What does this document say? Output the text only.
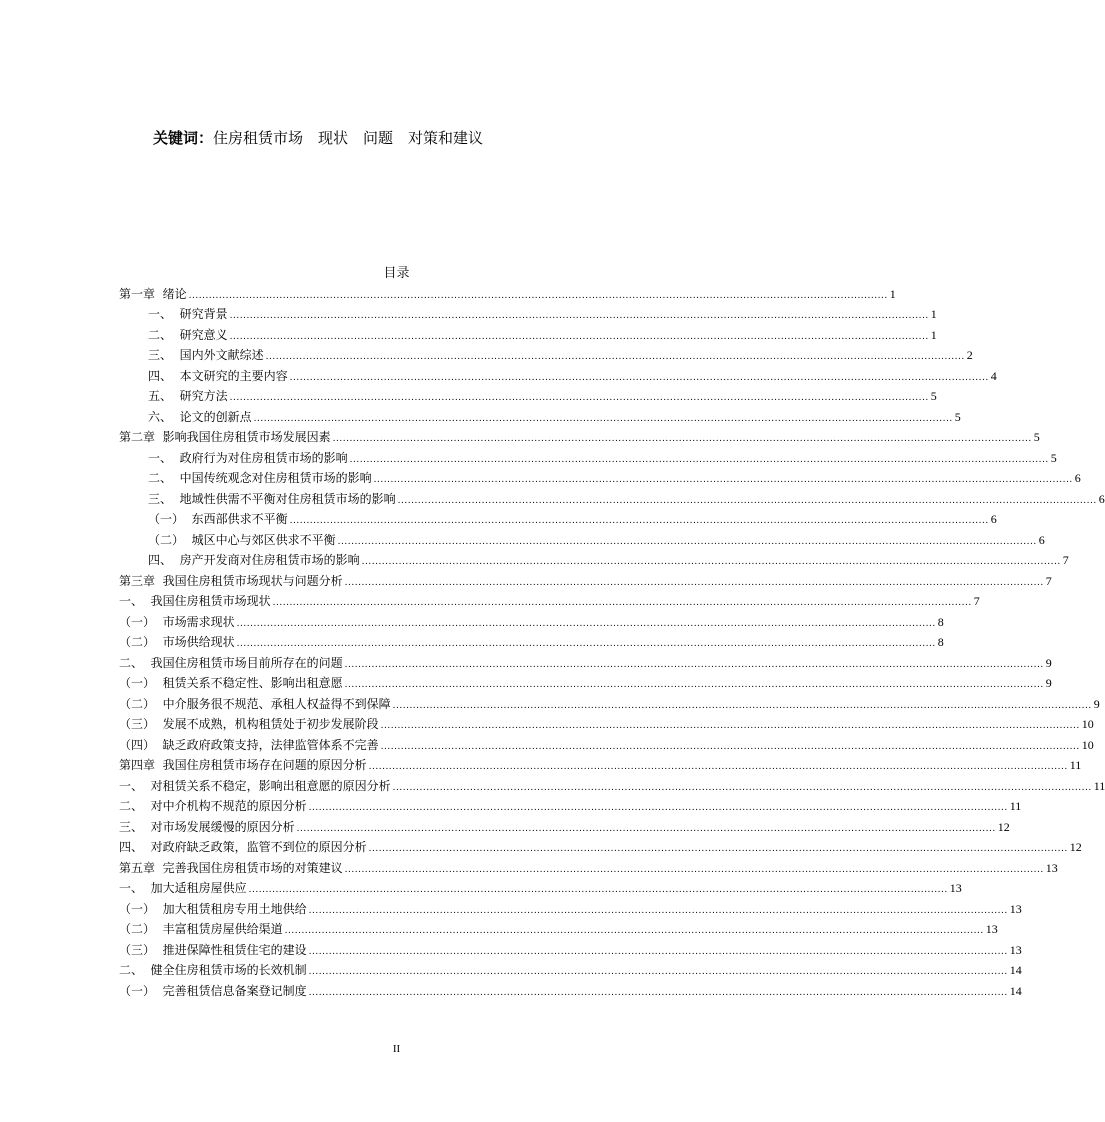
关键词：住房租赁市场　现状　问题　对策和建议
目录
第一章  绪论 ................................................................................................................................................................................................................ 1
一、  研究背景 ................................................................................................................................................................................................................ 1
二、  研究意义 ................................................................................................................................................................................................................ 1
三、  国内外文献综述 ................................................................................................................................................................................................................ 2
四、  本文研究的主要内容 ................................................................................................................................................................................................................ 4
五、  研究方法 ................................................................................................................................................................................................................ 5
六、  论文的创新点 ................................................................................................................................................................................................................ 5
第二章  影响我国住房租赁市场发展因素 ................................................................................................................................................................................................................ 5
一、  政府行为对住房租赁市场的影响 ................................................................................................................................................................................................................ 5
二、  中国传统观念对住房租赁市场的影响 ................................................................................................................................................................................................................ 6
三、  地域性供需不平衡对住房租赁市场的影响 ................................................................................................................................................................................................................ 6
（一）  东西部供求不平衡 ................................................................................................................................................................................................................ 6
（二）  城区中心与郊区供求不平衡 ................................................................................................................................................................................................................ 6
四、  房产开发商对住房租赁市场的影响 ................................................................................................................................................................................................................ 7
第三章  我国住房租赁市场现状与问题分析 ................................................................................................................................................................................................................ 7
一、  我国住房租赁市场现状 ................................................................................................................................................................................................................ 7
（一）  市场需求现状 ................................................................................................................................................................................................................ 8
（二）  市场供给现状 ................................................................................................................................................................................................................ 8
二、  我国住房租赁市场目前所存在的问题 ................................................................................................................................................................................................................ 9
（一）  租赁关系不稳定性、影响出租意愿 ................................................................................................................................................................................................................ 9
（二）  中介服务很不规范、承租人权益得不到保障 ................................................................................................................................................................................................................ 9
（三）  发展不成熟，机构租赁处于初步发展阶段 ................................................................................................................................................................................................................ 10
（四）  缺乏政府政策支持，法律监管体系不完善 ................................................................................................................................................................................................................ 10
第四章  我国住房租赁市场存在问题的原因分析 ................................................................................................................................................................................................................ 11
一、  对租赁关系不稳定，影响出租意愿的原因分析 ................................................................................................................................................................................................................ 11
二、  对中介机构不规范的原因分析 ................................................................................................................................................................................................................ 11
三、  对市场发展缓慢的原因分析 ................................................................................................................................................................................................................ 12
四、  对政府缺乏政策，监管不到位的原因分析 ................................................................................................................................................................................................................ 12
第五章  完善我国住房租赁市场的对策建议 ................................................................................................................................................................................................................ 13
一、  加大适租房屋供应 ................................................................................................................................................................................................................ 13
（一）  加大租赁租房专用土地供给 ................................................................................................................................................................................................................ 13
（二）  丰富租赁房屋供给渠道 ................................................................................................................................................................................................................ 13
（三）  推进保障性租赁住宅的建设 ................................................................................................................................................................................................................ 13
二、  健全住房租赁市场的长效机制 ................................................................................................................................................................................................................ 14
（一）  完善租赁信息备案登记制度 ................................................................................................................................................................................................................ 14
II
